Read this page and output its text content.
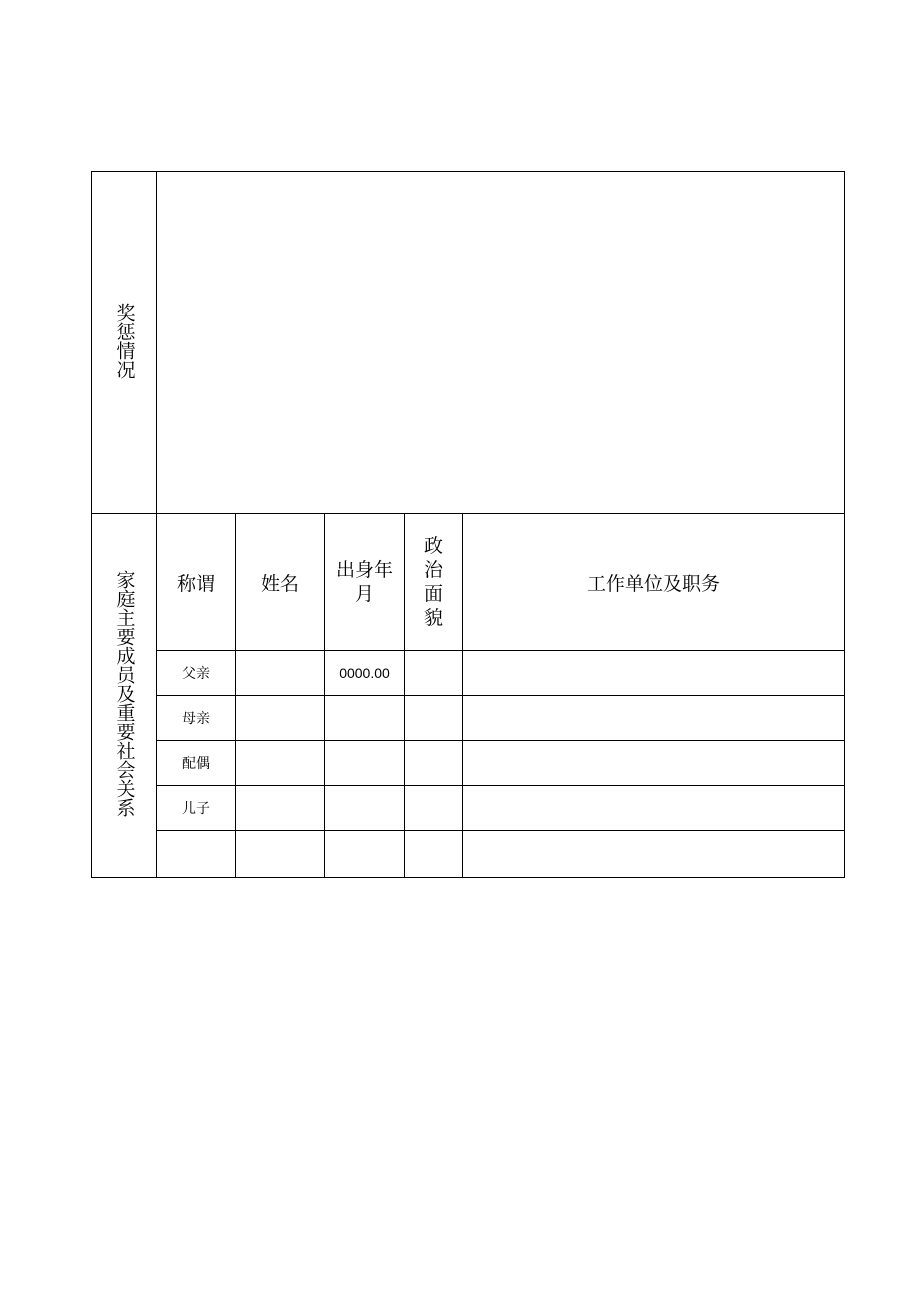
奖惩情况					
家庭主要成员及重要社会关系	称谓	姓名	出身年月	政治面貌	工作单位及职务
	父亲		0000.00		
	母亲				
	配偶				
	儿子				
